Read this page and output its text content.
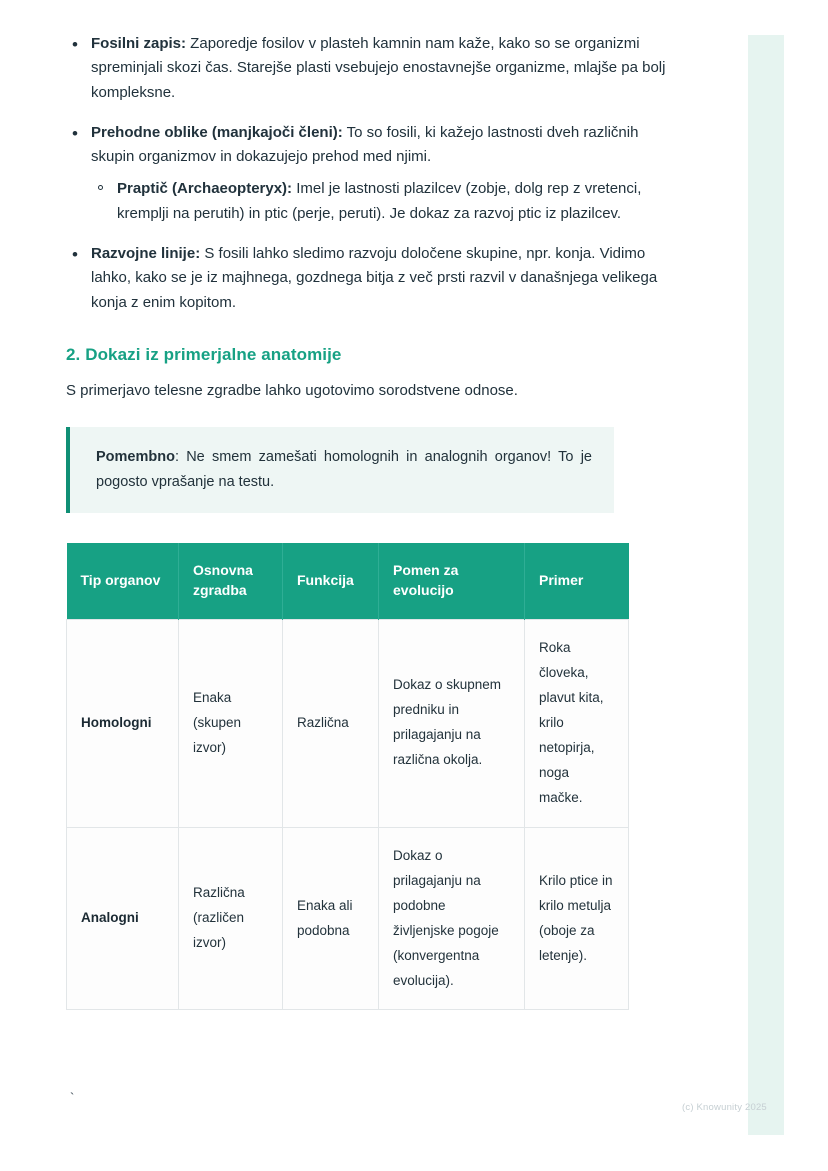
• Fosilni zapis: Zaporedje fosilov v plasteh kamnin nam kaže, kako so se organizmi spreminjali skozi čas. Starejše plasti vsebujejo enostavnejše organizme, mlajše pa bolj kompleksne.
• Prehodne oblike (manjkajoči členi): To so fosili, ki kažejo lastnosti dveh različnih skupin organizmov in dokazujejo prehod med njimi.
Praptič (Archaeopteryx): Imel je lastnosti plazilcev (zobje, dolg rep z vretenci, kremplji na perutih) in ptic (perje, peruti). Je dokaz za razvoj ptic iz plazilcev.
• Razvojne linije: S fosili lahko sledimo razvoju določene skupine, npr. konja. Vidimo lahko, kako se je iz majhnega, gozdnega bitja z več prsti razvil v današnjega velikega konja z enim kopitom.
2. Dokazi iz primerjalne anatomije

S primerjavo telesne zgradbe lahko ugotovimo sorodstvene odnose.

Pomembno: Ne smem zamešati homolognih in analognih organov! To je pogosto vprašanje na testu.

Tip organov	Osnovna zgradba	Funkcija	Pomen za evolucijo	Primer
Homologni	Enaka (skupen izvor)	Različna	Dokaz o skupnem predniku in prilagajanju na različna okolja.	Roka človeka, plavut kita, krilo netopirja, noga mačke.
Analogni	Različna (različen izvor)	Enaka ali podobna	Dokaz o prilagajanju na podobne življenjske pogoje (konvergentna evolucija).	Krilo ptice in krilo metulja (oboje za letenje).
`
(c) Knowunity 2025
